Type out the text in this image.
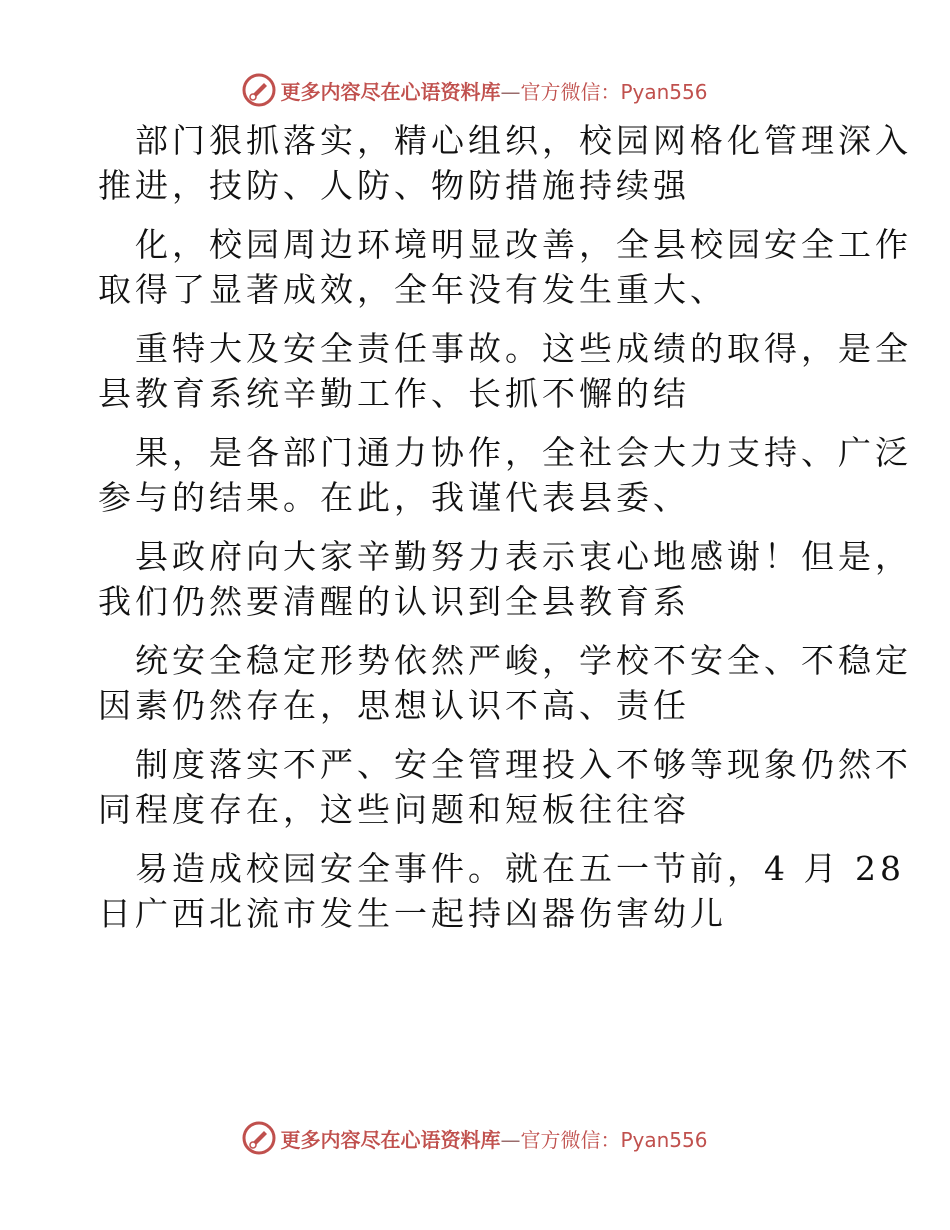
更多内容尽在心语资料库—官方微信：Pyan556
部门狠抓落实，精心组织，校园网格化管理深入
推进，技防、人防、物防措施持续强
化，校园周边环境明显改善，全县校园安全工作
取得了显著成效，全年没有发生重大、
重特大及安全责任事故。这些成绩的取得，是全
县教育系统辛勤工作、长抓不懈的结
果，是各部门通力协作，全社会大力支持、广泛
参与的结果。在此，我谨代表县委、
县政府向大家辛勤努力表示衷心地感谢！但是，
我们仍然要清醒的认识到全县教育系
统安全稳定形势依然严峻，学校不安全、不稳定
因素仍然存在，思想认识不高、责任
制度落实不严、安全管理投入不够等现象仍然不
同程度存在，这些问题和短板往往容
易造成校园安全事件。就在五一节前，4 月 28
日广西北流市发生一起持凶器伤害幼儿
更多内容尽在心语资料库—官方微信：Pyan556
